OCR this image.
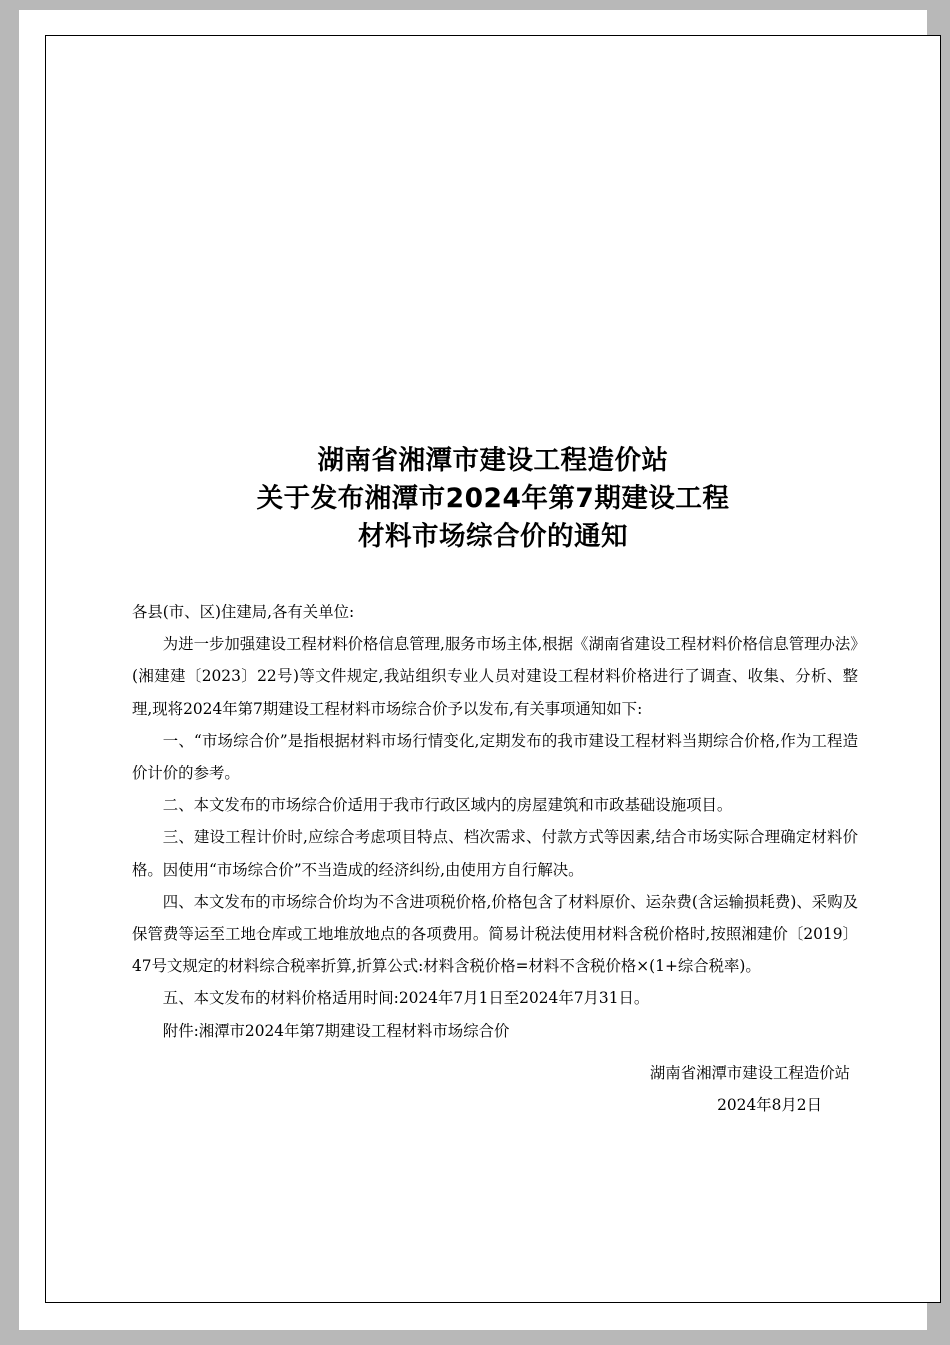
湖南省湘潭市建设工程造价站
关于发布湘潭市2024年第7期建设工程
材料市场综合价的通知

各县(市、区)住建局,各有关单位:

为进一步加强建设工程材料价格信息管理,服务市场主体,根据《湖南省建设工程材料价格信息管理办法》(湘建建〔2023〕22号)等文件规定,我站组织专业人员对建设工程材料价格进行了调查、收集、分析、整理,现将2024年第7期建设工程材料市场综合价予以发布,有关事项通知如下:

一、“市场综合价”是指根据材料市场行情变化,定期发布的我市建设工程材料当期综合价格,作为工程造价计价的参考。

二、本文发布的市场综合价适用于我市行政区域内的房屋建筑和市政基础设施项目。

三、建设工程计价时,应综合考虑项目特点、档次需求、付款方式等因素,结合市场实际合理确定材料价格。因使用“市场综合价”不当造成的经济纠纷,由使用方自行解决。

四、本文发布的市场综合价均为不含进项税价格,价格包含了材料原价、运杂费(含运输损耗费)、采购及保管费等运至工地仓库或工地堆放地点的各项费用。简易计税法使用材料含税价格时,按照湘建价〔2019〕47号文规定的材料综合税率折算,折算公式:材料含税价格=材料不含税价格×(1+综合税率)。

五、本文发布的材料价格适用时间:2024年7月1日至2024年7月31日。

附件:湘潭市2024年第7期建设工程材料市场综合价

湖南省湘潭市建设工程造价站
2024年8月2日
